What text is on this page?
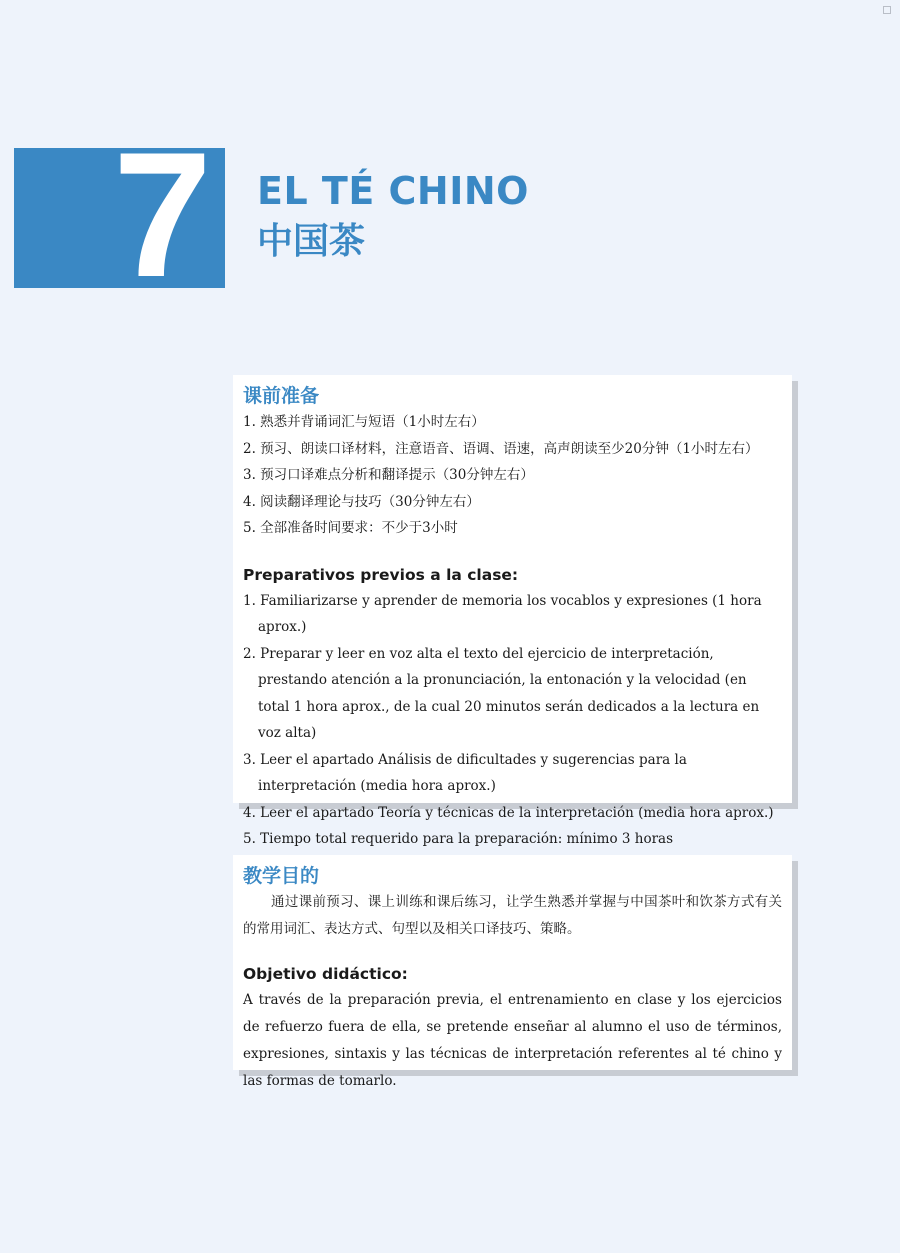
7	EL TÉ CHINO
中国茶
课前准备
1. 熟悉并背诵词汇与短语（1小时左右）
2. 预习、朗读口译材料，注意语音、语调、语速，高声朗读至少20分钟（1小时左右）
3. 预习口译难点分析和翻译提示（30分钟左右）
4. 阅读翻译理论与技巧（30分钟左右）
5. 全部准备时间要求：不少于3小时
Preparativos previos a la clase:
1. Familiarizarse y aprender de memoria los vocablos y expresiones (1 hora aprox.)
2. Preparar y leer en voz alta el texto del ejercicio de interpretación, prestando atención a la pronunciación, la entonación y la velocidad (en total 1 hora aprox., de la cual 20 minutos serán dedicados a la lectura en voz alta)
3. Leer el apartado Análisis de dificultades y sugerencias para la interpretación (media hora aprox.)
4. Leer el apartado Teoría y técnicas de la interpretación (media hora aprox.)
5. Tiempo total requerido para la preparación: mínimo 3 horas
教学目的

通过课前预习、课上训练和课后练习，让学生熟悉并掌握与中国茶叶和饮茶方式有关的常用词汇、表达方式、句型以及相关口译技巧、策略。

Objetivo didáctico:

A través de la preparación previa, el entrenamiento en clase y los ejercicios de refuerzo fuera de ella, se pretende enseñar al alumno el uso de términos, expresiones, sintaxis y las técnicas de interpretación referentes al té chino y las formas de tomarlo.
